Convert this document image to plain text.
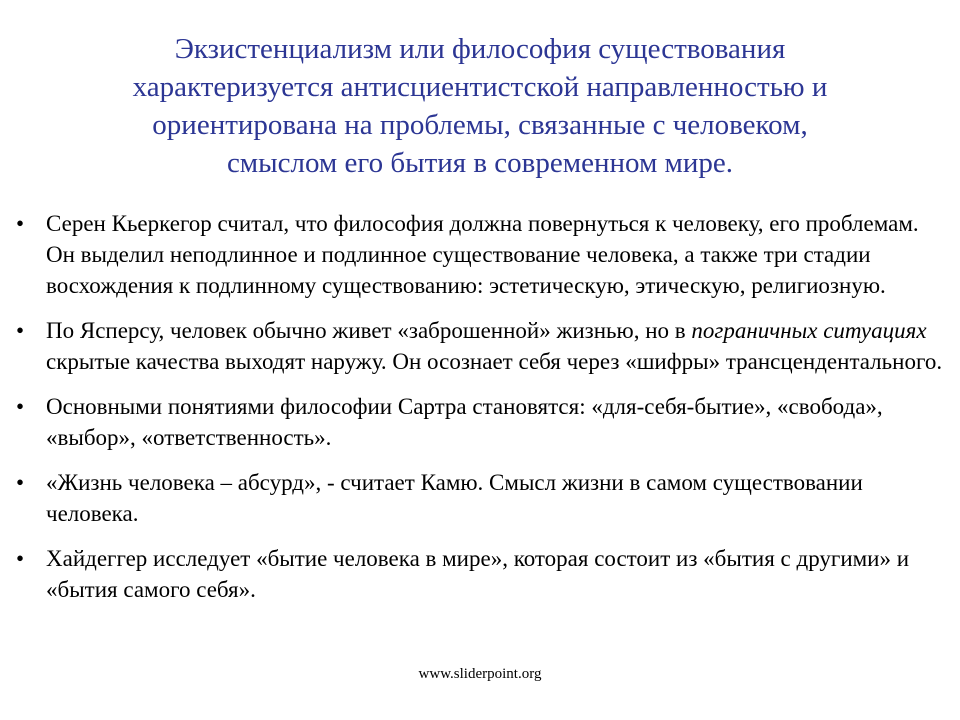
Экзистенциализм или философия существования
характеризуется антисциентистской направленностью и
ориентирована на проблемы, связанные с человеком,
смыслом его бытия в современном мире.
• Серен Кьеркегор считал, что философия должна повернуться к человеку, его проблемам. Он выделил неподлинное и подлинное существование человека, а также три стадии восхождения к подлинному существованию: эстетическую, этическую, религиозную.
• По Ясперсу, человек обычно живет «заброшенной» жизнью, но в пограничных ситуациях скрытые качества выходят наружу. Он осознает себя через «шифры» трансцендентального.
• Основными понятиями философии Сартра становятся: «для-себя-бытие», «свобода», «выбор», «ответственность».
• «Жизнь человека – абсурд», - считает Камю. Смысл жизни в самом существовании человека.
• Хайдеггер исследует «бытие человека в мире», которая состоит из «бытия с другими» и «бытия самого себя».
www.sliderpoint.org
